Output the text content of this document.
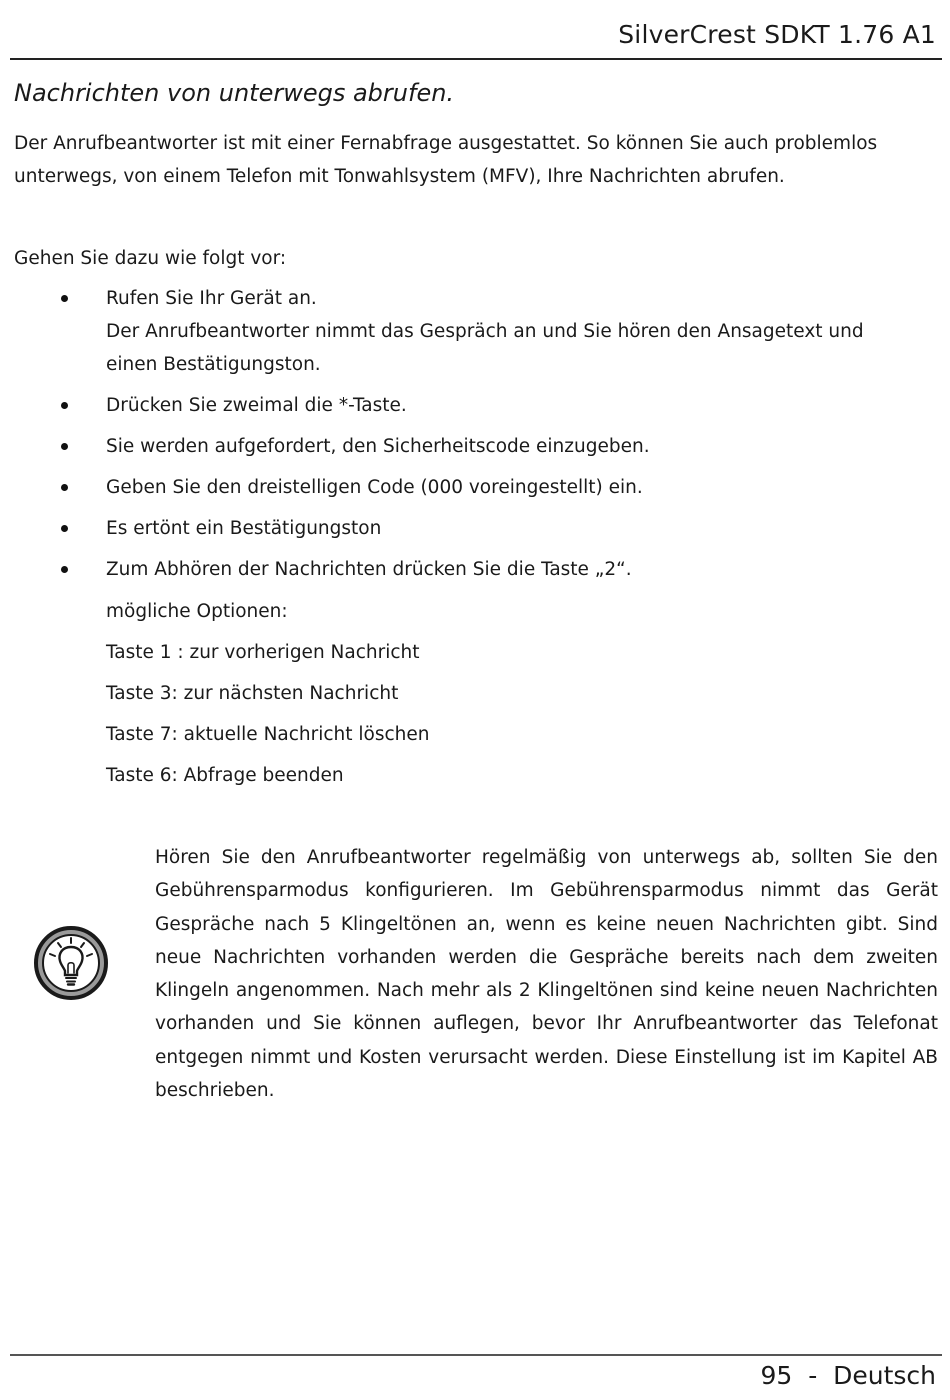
SilverCrest SDKT 1.76 A1
Nachrichten von unterwegs abrufen.

Der Anrufbeantworter ist mit einer Fernabfrage ausgestattet. So können Sie auch problemlos unterwegs, von einem Telefon mit Tonwahlsystem (MFV), Ihre Nachrichten abrufen.

Gehen Sie dazu wie folgt vor:

Rufen Sie Ihr Gerät an.
Der Anrufbeantworter nimmt das Gespräch an und Sie hören den Ansagetext und einen Bestätigungston.
Drücken Sie zweimal die *-Taste.
Sie werden aufgefordert, den Sicherheitscode einzugeben.
Geben Sie den dreistelligen Code (000 voreingestellt) ein.
Es ertönt ein Bestätigungston
Zum Abhören der Nachrichten drücken Sie die Taste „2“.
mögliche Optionen:
Taste 1 : zur vorherigen Nachricht
Taste 3: zur nächsten Nachricht
Taste 7: aktuelle Nachricht löschen
Taste 6: Abfrage beenden

Hören Sie den Anrufbeantworter regelmäßig von unterwegs ab, sollten Sie den Gebührensparmodus konfigurieren. Im Gebührensparmodus nimmt das Gerät Gespräche nach 5 Klingeltönen an, wenn es keine neuen Nachrichten gibt. Sind neue Nachrichten vorhanden werden die Gespräche bereits nach dem zweiten Klingeln angenommen. Nach mehr als 2 Klingeltönen sind keine neuen Nachrichten vorhanden und Sie können auflegen, bevor Ihr Anrufbeantworter das Telefonat entgegen nimmt und Kosten verursacht werden. Diese Einstellung ist im Kapitel AB beschrieben.

95  -  Deutsch
